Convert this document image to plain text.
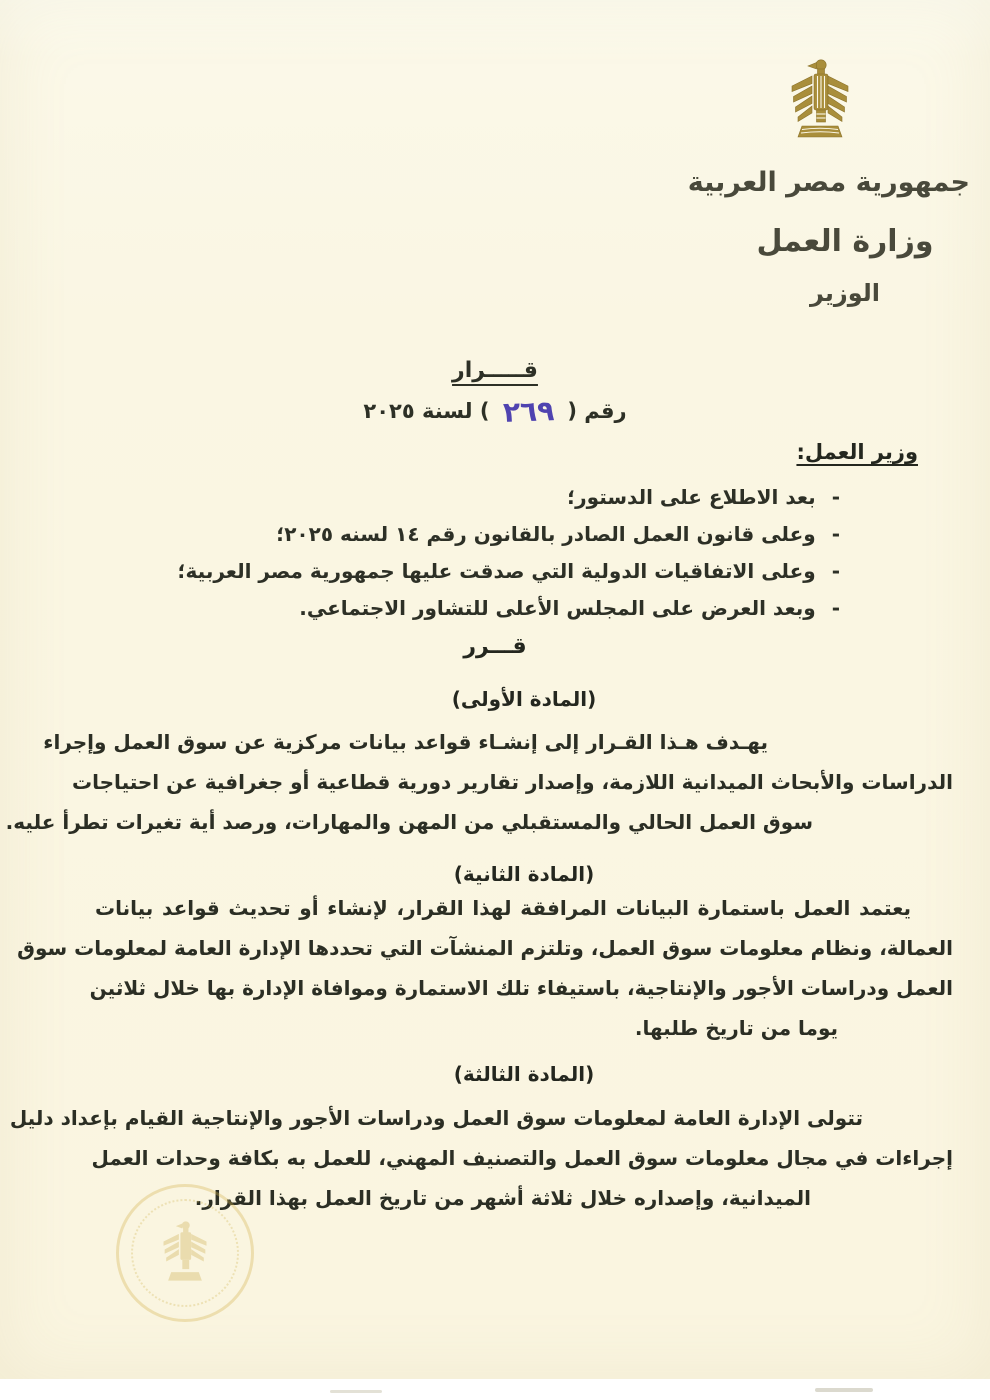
جمهورية مصر العربية
وزارة العمل
الوزير
قـــــرار
رقم ( ٢٦٩ ) لسنة ٢٠٢٥
وزير العمل:
-بعد الاطلاع على الدستور؛
-وعلى قانون العمل الصادر بالقانون رقم ١٤ لسنه ٢٠٢٥؛
-وعلى الاتفاقيات الدولية التي صدقت عليها جمهورية مصر العربية؛
-وبعد العرض على المجلس الأعلى للتشاور الاجتماعي.
قـــرر
(المادة الأولى)
يهـدف هـذا القـرار إلى إنشـاء قواعد بيانات مركزية عن سوق العمل وإجراء
الدراسات والأبحاث الميدانية اللازمة، وإصدار تقارير دورية قطاعية أو جغرافية عن احتياجات
سوق العمل الحالي والمستقبلي من المهن والمهارات، ورصد أية تغيرات تطرأ عليه.
(المادة الثانية)
يعتمد العمل باستمارة البيانات المرافقة لهذا القرار، لإنشاء أو تحديث قواعد بيانات
العمالة، ونظام معلومات سوق العمل، وتلتزم المنشآت التي تحددها الإدارة العامة لمعلومات سوق
العمل ودراسات الأجور والإنتاجية، باستيفاء تلك الاستمارة وموافاة الإدارة بها خلال ثلاثين
يوما من تاريخ طلبها.
(المادة الثالثة)
تتولى الإدارة العامة لمعلومات سوق العمل ودراسات الأجور والإنتاجية القيام بإعداد دليل
إجراءات في مجال معلومات سوق العمل والتصنيف المهني، للعمل به بكافة وحدات العمل
الميدانية، وإصداره خلال ثلاثة أشهر من تاريخ العمل بهذا القرار.
